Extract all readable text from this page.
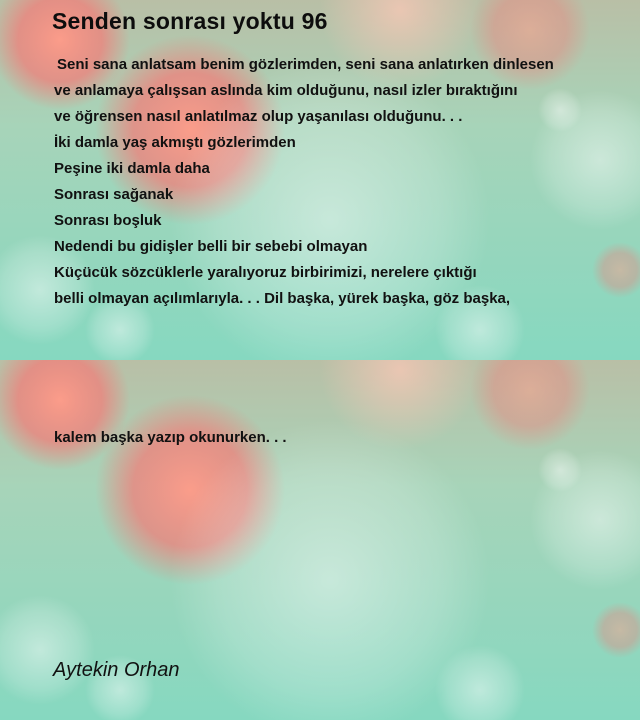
Senden sonrası yoktu 96
Seni sana anlatsam benim gözlerimden, seni sana anlatırken dinlesen
ve anlamaya çalışsan aslında kim olduğunu, nasıl izler bıraktığını
ve öğrensen nasıl anlatılmaz olup yaşanılası olduğunu. . .
İki damla yaş akmıştı gözlerimden
Peşine iki damla daha
Sonrası sağanak
Sonrası boşluk
Nedendi bu gidişler belli bir sebebi olmayan
Küçücük sözcüklerle yaralıyoruz birbirimizi, nerelere çıktığı
belli olmayan açılımlarıyla. . . Dil başka, yürek başka, göz başka,

kalem başka yazıp okunurken. . .

Aytekin Orhan
